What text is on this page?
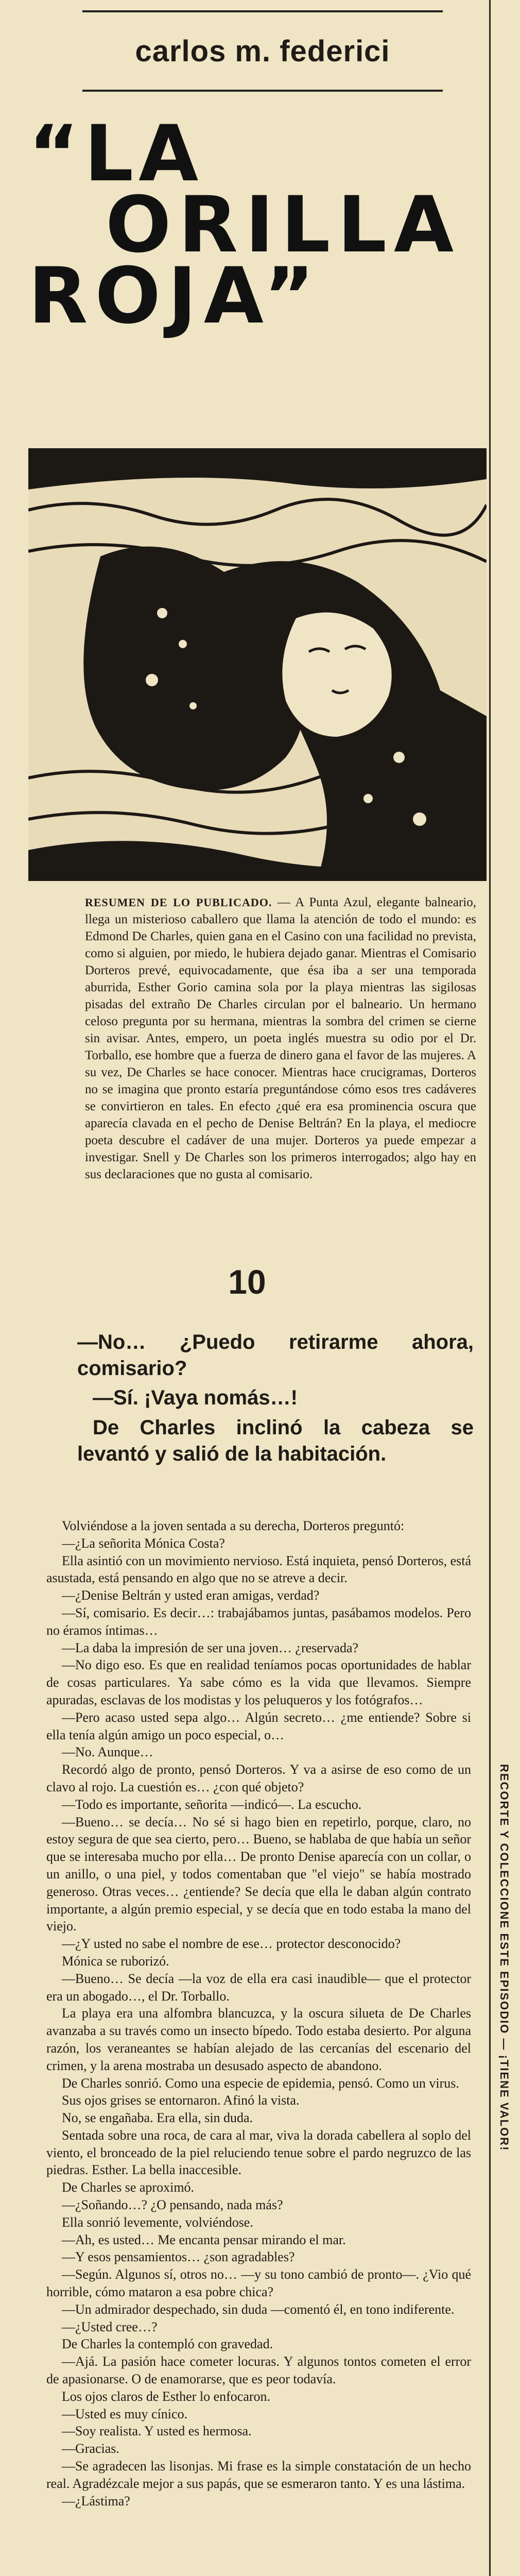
carlos m. federici
“LA
ORILLA
ROJA”
RESUMEN DE LO PUBLICADO. — A Punta Azul, elegante balneario, llega un misterioso caballero que llama la atención de todo el mundo: es Edmond De Charles, quien gana en el Casino con una facilidad no prevista, como si alguien, por miedo, le hubiera dejado ganar. Mientras el Comisario Dorteros prevé, equivocadamente, que ésa iba a ser una temporada aburrida, Esther Gorio camina sola por la playa mientras las sigilosas pisadas del extraño De Charles circulan por el balneario. Un hermano celoso pregunta por su hermana, mientras la sombra del crimen se cierne sin avisar. Antes, empero, un poeta inglés muestra su odio por el Dr. Torballo, ese hombre que a fuerza de dinero gana el favor de las mujeres. A su vez, De Charles se hace conocer. Mientras hace crucigramas, Dorteros no se imagina que pronto estaría preguntándose cómo esos tres cadáveres se convirtieron en tales. En efecto ¿qué era esa prominencia oscura que aparecía clavada en el pecho de Denise Beltrán? En la playa, el mediocre poeta descubre el cadáver de una mujer. Dorteros ya puede empezar a investigar. Snell y De Charles son los primeros interrogados; algo hay en sus declaraciones que no gusta al comisario.
10

—No… ¿Puedo retirarme ahora, comisario?

—Sí. ¡Vaya nomás…!

De Charles inclinó la cabeza se levantó y salió de la habitación.

Volviéndose a la joven sentada a su derecha, Dorteros preguntó:

—¿La señorita Mónica Costa?

Ella asintió con un movimiento nervioso. Está inquieta, pensó Dorteros, está asustada, está pensando en algo que no se atreve a decir.

—¿Denise Beltrán y usted eran amigas, verdad?

—Sí, comisario. Es decir…: trabajábamos juntas, pasábamos modelos. Pero no éramos íntimas…

—La daba la impresión de ser una joven… ¿reservada?

—No digo eso. Es que en realidad teníamos pocas oportunidades de hablar de cosas particulares. Ya sabe cómo es la vida que llevamos. Siempre apuradas, esclavas de los modistas y los peluqueros y los fotógrafos…

—Pero acaso usted sepa algo… Algún secreto… ¿me entiende? Sobre si ella tenía algún amigo un poco especial, o…

—No. Aunque…

Recordó algo de pronto, pensó Dorteros. Y va a asirse de eso como de un clavo al rojo. La cuestión es… ¿con qué objeto?

—Todo es importante, señorita —indicó—. La escucho.

—Bueno… se decía… No sé si hago bien en repetirlo, porque, claro, no estoy segura de que sea cierto, pero… Bueno, se hablaba de que había un señor que se interesaba mucho por ella… De pronto Denise aparecía con un collar, o un anillo, o una piel, y todos comentaban que "el viejo" se había mostrado generoso. Otras veces… ¿entiende? Se decía que ella le daban algún contrato importante, a algún premio especial, y se decía que en todo estaba la mano del viejo.

—¿Y usted no sabe el nombre de ese… protector desconocido?

Mónica se ruborizó.

—Bueno… Se decía —la voz de ella era casi inaudible— que el protector era un abogado…, el Dr. Torballo.

La playa era una alfombra blancuzca, y la oscura silueta de De Charles avanzaba a su través como un insecto bípedo. Todo estaba desierto. Por alguna razón, los veraneantes se habían alejado de las cercanías del escenario del crimen, y la arena mostraba un desusado aspecto de abandono.

De Charles sonrió. Como una especie de epidemia, pensó. Como un virus.

Sus ojos grises se entornaron. Afinó la vista.

No, se engañaba. Era ella, sin duda.

Sentada sobre una roca, de cara al mar, viva la dorada cabellera al soplo del viento, el bronceado de la piel reluciendo tenue sobre el pardo negruzco de las piedras. Esther. La bella inaccesible.

De Charles se aproximó.

—¿Soñando…? ¿O pensando, nada más?

Ella sonrió levemente, volviéndose.

—Ah, es usted… Me encanta pensar mirando el mar.

—Y esos pensamientos… ¿son agradables?

—Según. Algunos sí, otros no… —y su tono cambió de pronto—. ¿Vio qué horrible, cómo mataron a esa pobre chica?

—Un admirador despechado, sin duda —comentó él, en tono indiferente.

—¿Usted cree…?

De Charles la contempló con gravedad.

—Ajá. La pasión hace cometer locuras. Y algunos tontos cometen el error de apasionarse. O de enamorarse, que es peor todavía.

Los ojos claros de Esther lo enfocaron.

—Usted es muy cínico.

—Soy realista. Y usted es hermosa.

—Gracias.

—Se agradecen las lisonjas. Mi frase es la simple constatación de un hecho real. Agradézcale mejor a sus papás, que se esmeraron tanto. Y es una lástima.

—¿Lástima?

RECORTE Y COLECCIONE ESTE EPISODIO — ¡TIENE VALOR!
